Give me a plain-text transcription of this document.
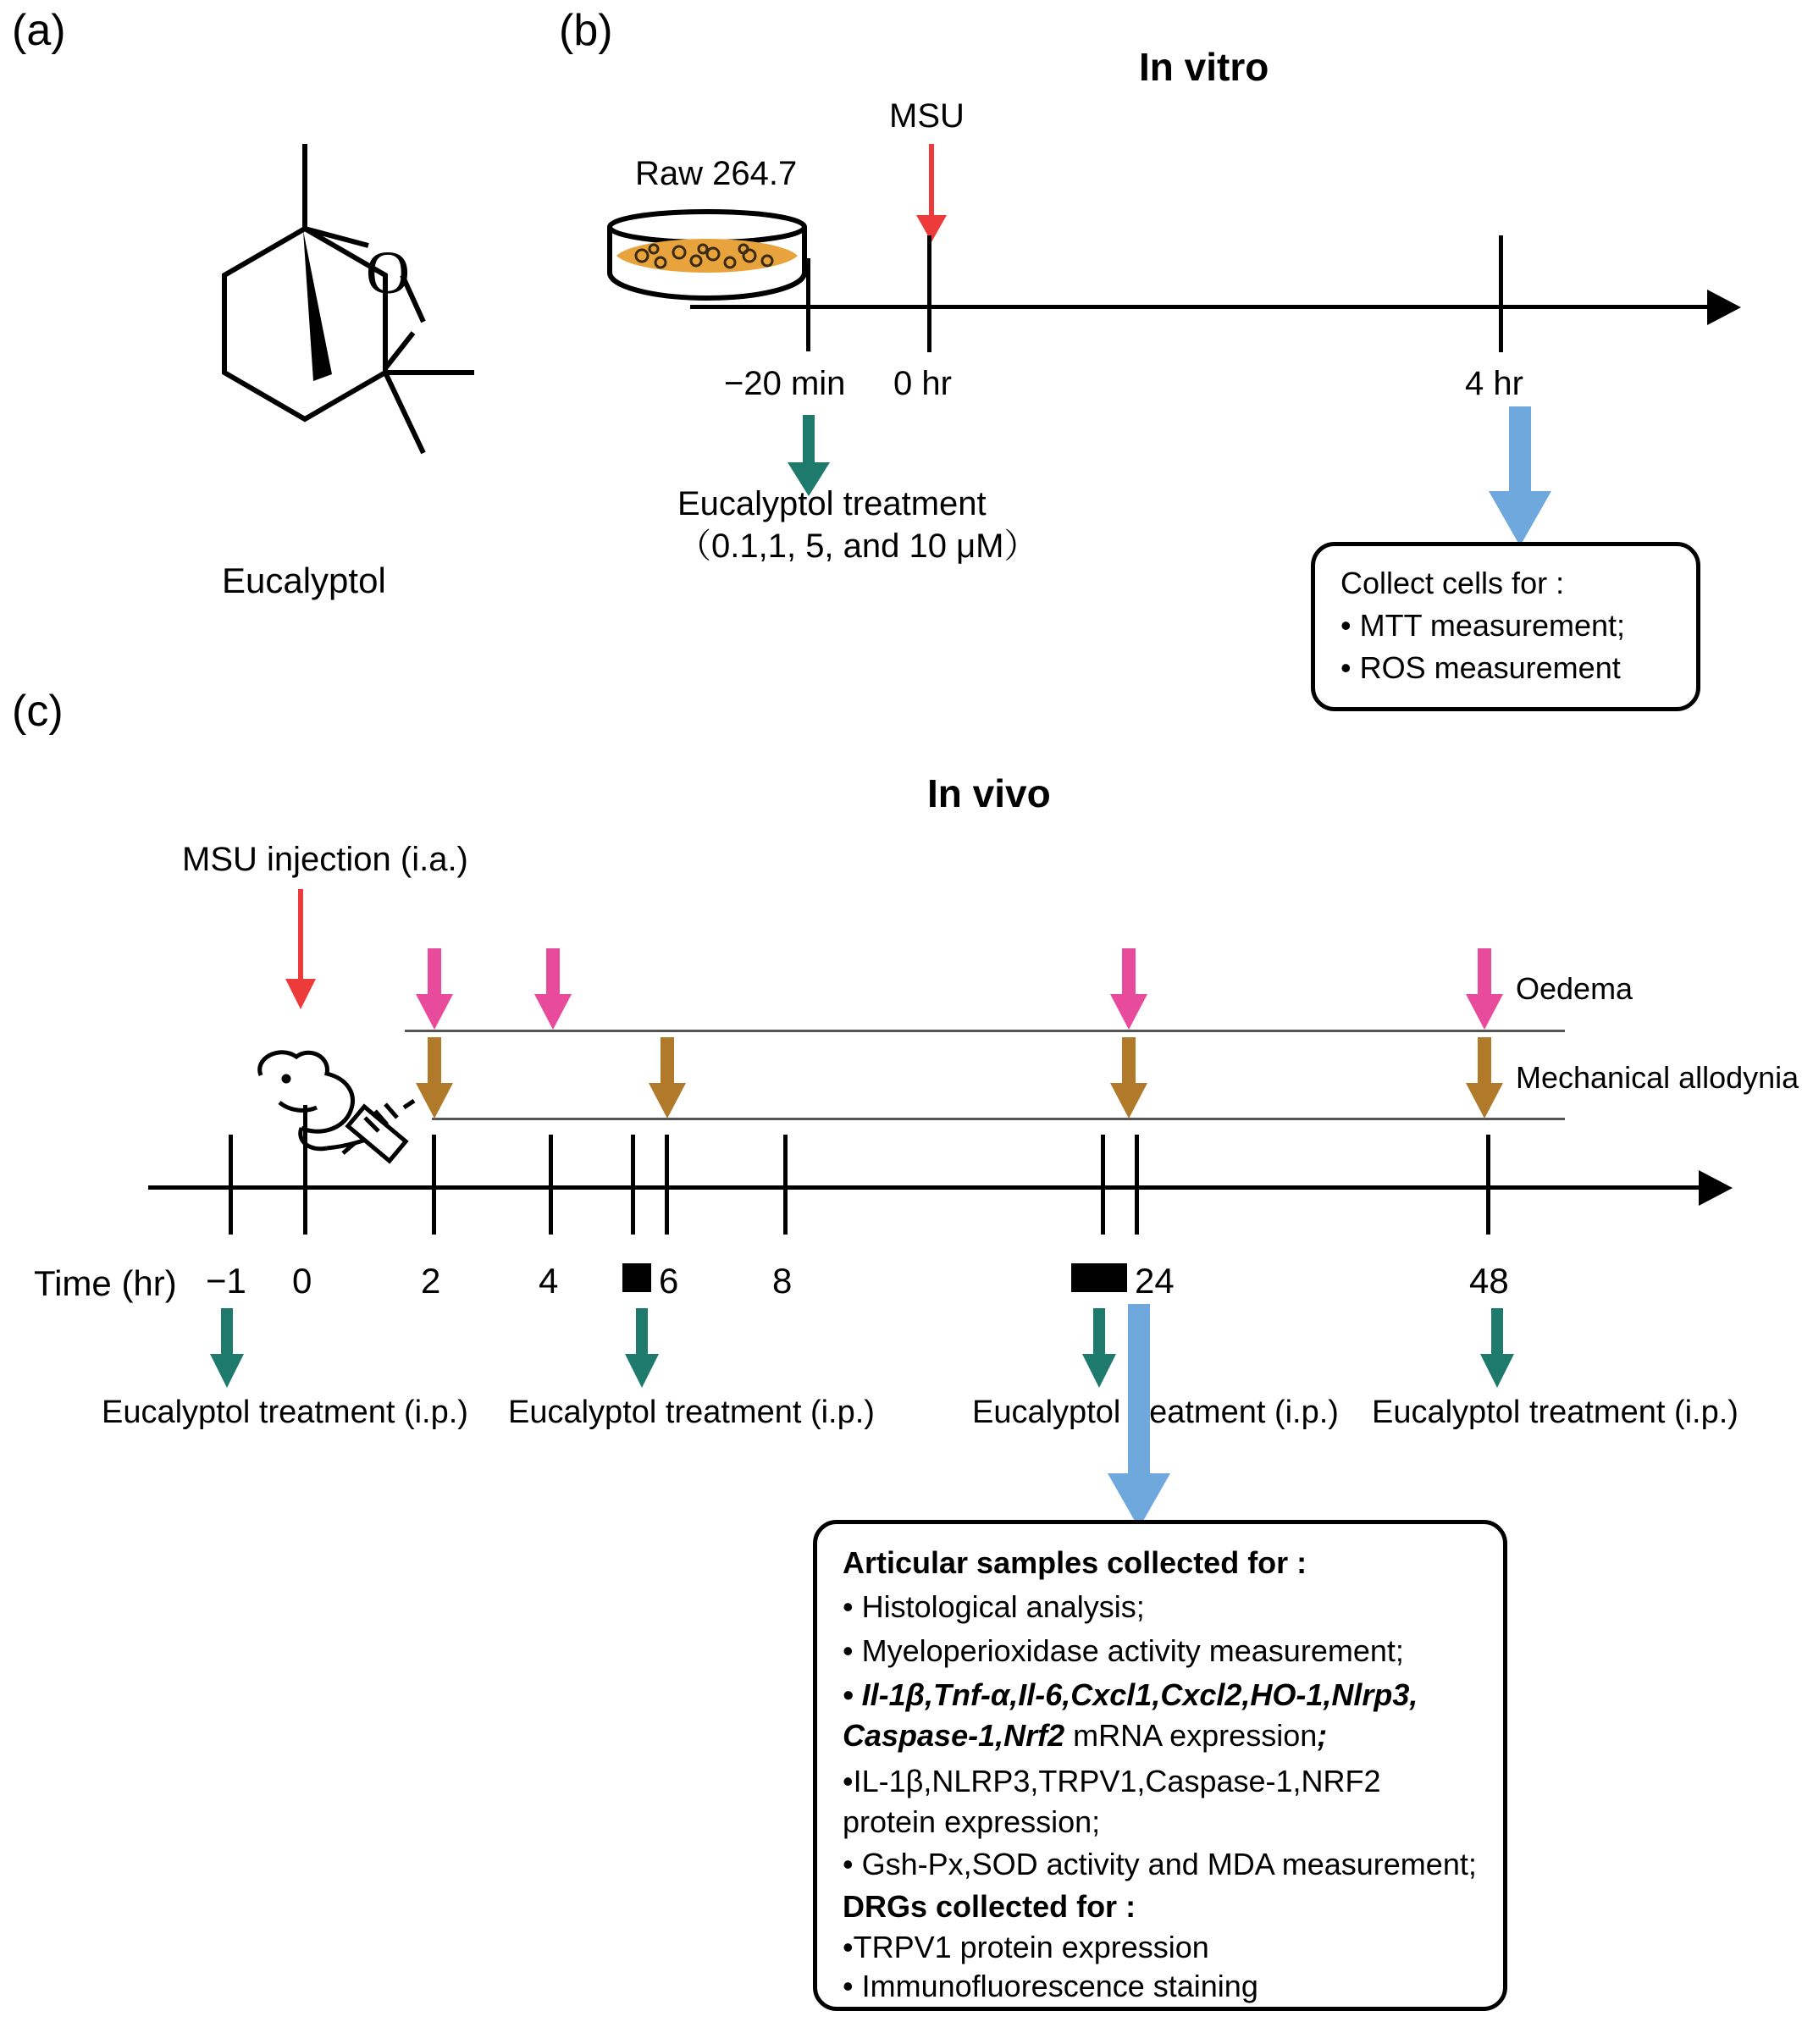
(a)
O
Eucalyptol
(b)
In vitro
MSU
Raw 264.7
−20 min 0 hr	4 hr
Eucalyptol treatment
（0.1,1, 5, and 10 μM）
Collect cells for :
• MTT measurement;
• ROS measurement
(c)
In vivo
MSU injection (i.a.)
Oedema
Mechanical allodynia
Time (hr) −1 0	2	4	6	8	24	48
Eucalyptol treatment (i.p.) Eucalyptol treatment (i.p.)	Eucalyptol treatment (i.p.) Eucalyptol treatment (i.p.)
Articular samples collected for :
• Histological analysis;
• Myeloperioxidase activity measurement;
• Il-1β,Tnf-α,Il-6,Cxcl1,Cxcl2,HO-1,Nlrp3,
Caspase-1,Nrf2 mRNA expression;
•IL-1β,NLRP3,TRPV1,Caspase-1,NRF2
protein expression;
• Gsh-Px,SOD activity and MDA measurement;
DRGs collected for :
•TRPV1 protein expression
• Immunofluorescence staining
